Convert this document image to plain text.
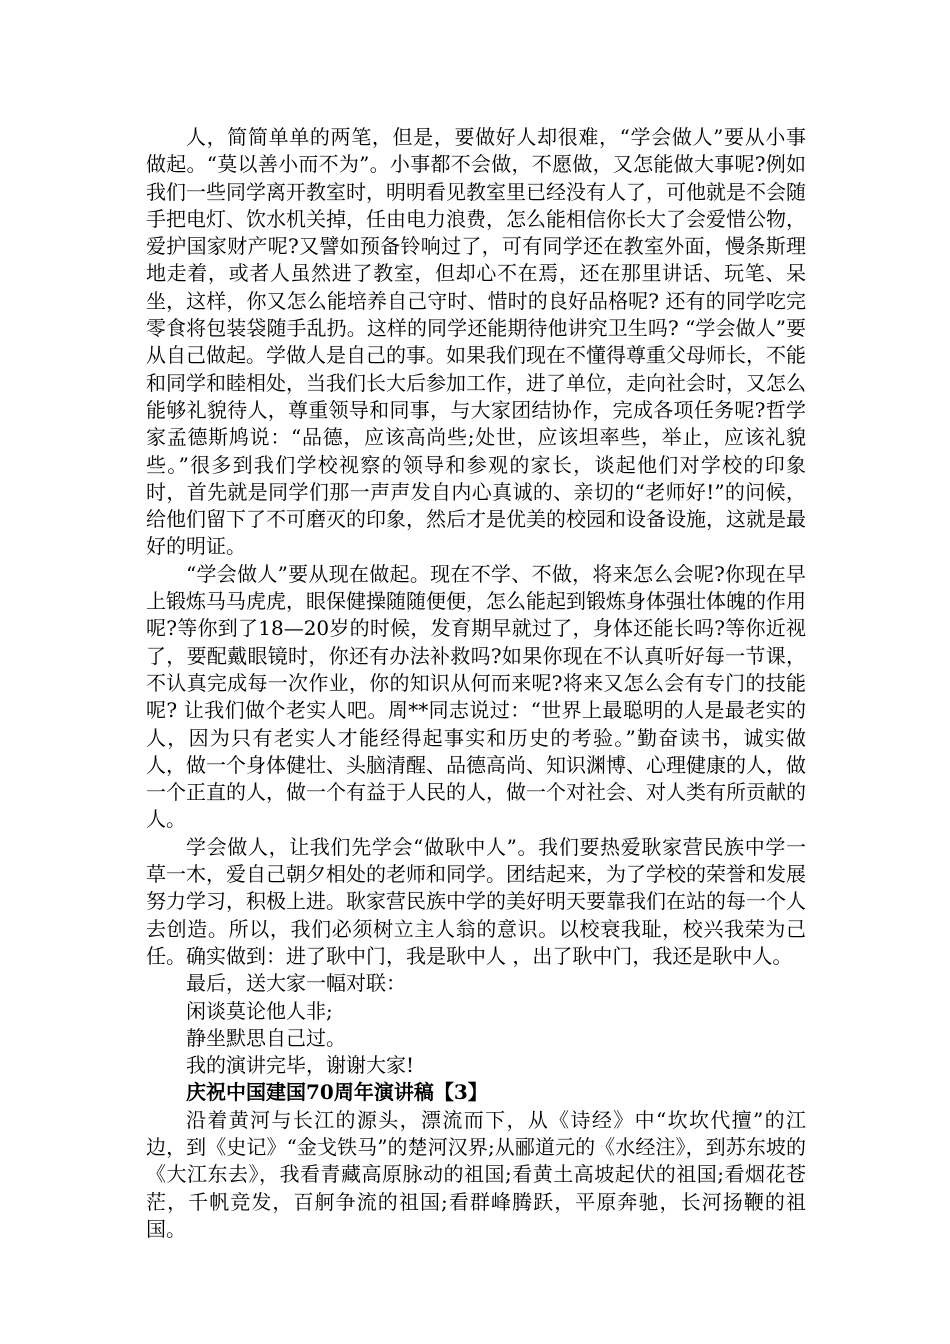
人，简简单单的两笔，但是，要做好人却很难，“学会做人”要从小事做起。“莫以善小而不为”。小事都不会做，不愿做，又怎能做大事呢?例如我们一些同学离开教室时，明明看见教室里已经没有人了，可他就是不会随手把电灯、饮水机关掉，任由电力浪费，怎么能相信你长大了会爱惜公物，爱护国家财产呢?又譬如预备铃响过了，可有同学还在教室外面，慢条斯理地走着，或者人虽然进了教室，但却心不在焉，还在那里讲话、玩笔、呆坐，这样，你又怎么能培养自己守时、惜时的良好品格呢? 还有的同学吃完零食将包装袋随手乱扔。这样的同学还能期待他讲究卫生吗? “学会做人”要从自己做起。学做人是自己的事。如果我们现在不懂得尊重父母师长，不能和同学和睦相处，当我们长大后参加工作，进了单位，走向社会时，又怎么能够礼貌待人，尊重领导和同事，与大家团结协作，完成各项任务呢?哲学家孟德斯鸠说：“品德，应该高尚些;处世，应该坦率些，举止，应该礼貌些。”很多到我们学校视察的领导和参观的家长，谈起他们对学校的印象时，首先就是同学们那一声声发自内心真诚的、亲切的“老师好!”的问候，给他们留下了不可磨灭的印象，然后才是优美的校园和设备设施，这就是最好的明证。

“学会做人”要从现在做起。现在不学、不做，将来怎么会呢?你现在早上锻炼马马虎虎，眼保健操随随便便，怎么能起到锻炼身体强壮体魄的作用呢?等你到了18—20岁的时候，发育期早就过了，身体还能长吗?等你近视了，要配戴眼镜时，你还有办法补救吗?如果你现在不认真听好每一节课，不认真完成每一次作业，你的知识从何而来呢?将来又怎么会有专门的技能呢? 让我们做个老实人吧。周**同志说过：“世界上最聪明的人是最老实的人，因为只有老实人才能经得起事实和历史的考验。”勤奋读书，诚实做人，做一个身体健壮、头脑清醒、品德高尚、知识渊博、心理健康的人，做一个正直的人，做一个有益于人民的人，做一个对社会、对人类有所贡献的人。

学会做人，让我们先学会“做耿中人”。我们要热爱耿家营民族中学一草一木，爱自己朝夕相处的老师和同学。团结起来，为了学校的荣誉和发展努力学习，积极上进。耿家营民族中学的美好明天要靠我们在站的每一个人去创造。所以，我们必须树立主人翁的意识。以校衰我耻，校兴我荣为己任。确实做到：进了耿中门，我是耿中人 ，出了耿中门，我还是耿中人。

最后，送大家一幅对联：

闲谈莫论他人非;

静坐默思自己过。

我的演讲完毕，谢谢大家!

庆祝中国建国70周年演讲稿【3】

沿着黄河与长江的源头，漂流而下，从《诗经》中“坎坎代擅”的江边，到《史记》“金戈铁马”的楚河汉界;从郦道元的《水经注》，到苏东坡的《大江东去》，我看青藏高原脉动的祖国;看黄土高坡起伏的祖国;看烟花苍茫，千帆竞发，百舸争流的祖国;看群峰腾跃，平原奔驰，长河扬鞭的祖国。
